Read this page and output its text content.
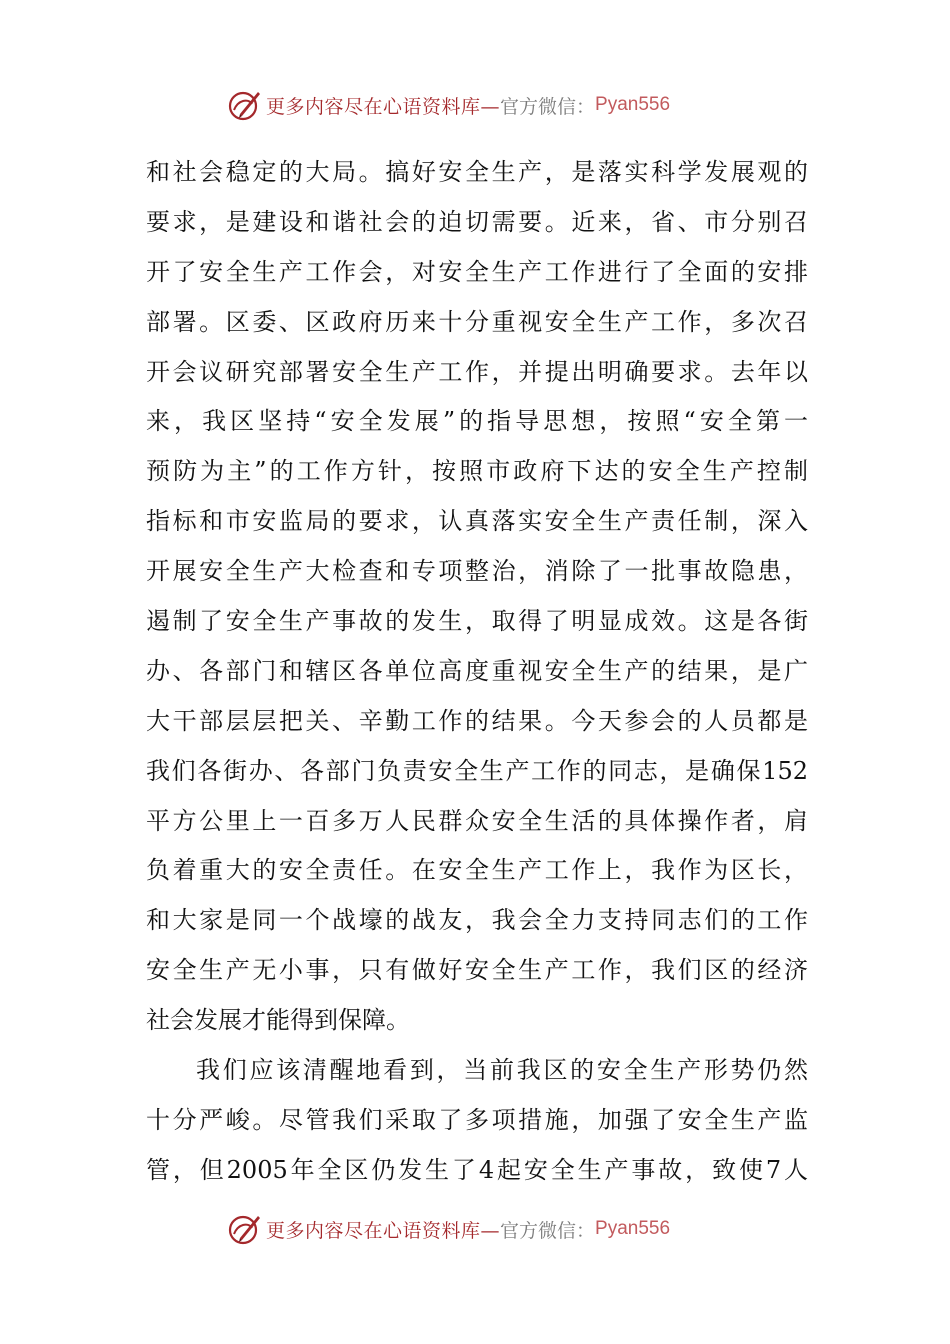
更多内容尽在心语资料库— 官方微信： Pyan556
和社会稳定的大局。搞好安全生产，是落实科学发展观的
要求，是建设和谐社会的迫切需要。近来，省、市分别召
开了安全生产工作会，对安全生产工作进行了全面的安排
部署。区委、区政府历来十分重视安全生产工作，多次召
开会议研究部署安全生产工作，并提出明确要求。去年以
来，我区坚持“安全发展”的指导思想，按照“安全第一
预防为主”的工作方针，按照市政府下达的安全生产控制
指标和市安监局的要求，认真落实安全生产责任制，深入
开展安全生产大检查和专项整治，消除了一批事故隐患，
遏制了安全生产事故的发生，取得了明显成效。这是各街
办、各部门和辖区各单位高度重视安全生产的结果，是广
大干部层层把关、辛勤工作的结果。今天参会的人员都是
我们各街办、各部门负责安全生产工作的同志，是确保152
平方公里上一百多万人民群众安全生活的具体操作者，肩
负着重大的安全责任。在安全生产工作上，我作为区长，
和大家是同一个战壕的战友，我会全力支持同志们的工作
安全生产无小事，只有做好安全生产工作，我们区的经济
社会发展才能得到保障。
我们应该清醒地看到，当前我区的安全生产形势仍然
十分严峻。尽管我们采取了多项措施，加强了安全生产监
管，但2005年全区仍发生了4起安全生产事故，致使7人
更多内容尽在心语资料库— 官方微信： Pyan556
